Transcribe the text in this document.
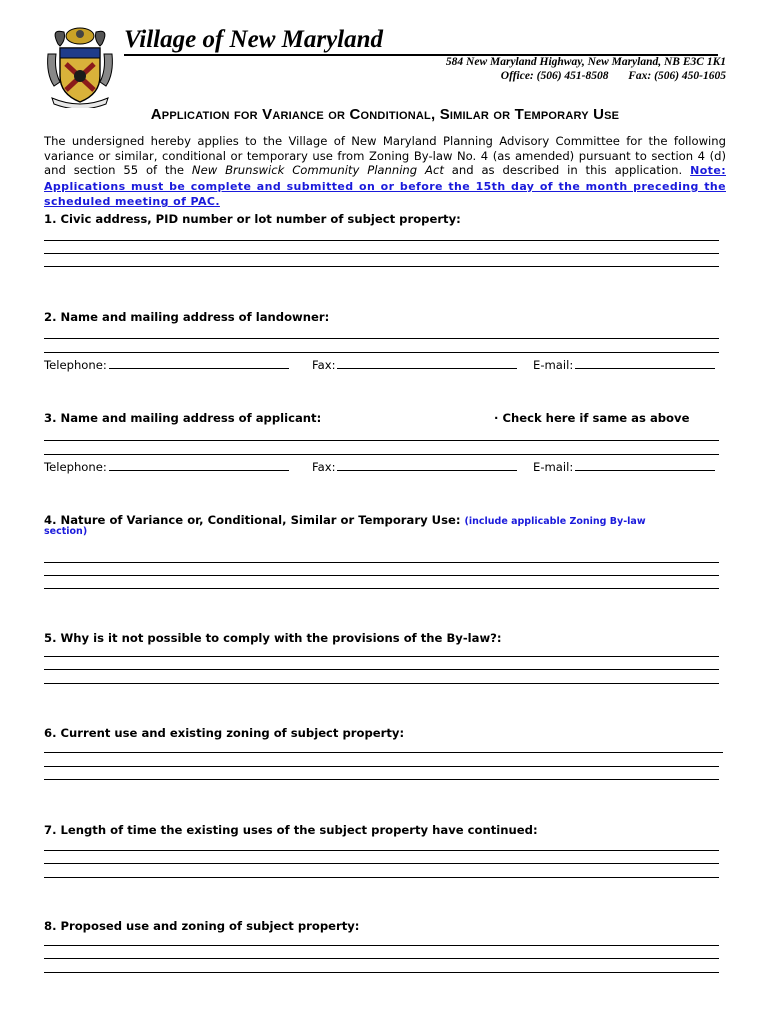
Village of New Maryland
584 New Maryland Highway, New Maryland, NB E3C 1K1
Office: (506) 451-8508 Fax: (506) 450-1605
Application for Variance or Conditional, Similar or Temporary Use
The undersigned hereby applies to the Village of New Maryland Planning Advisory Committee for the following variance or similar, conditional or temporary use from Zoning By-law No. 4 (as amended) pursuant to section 4 (d) and section 55 of the New Brunswick Community Planning Act and as described in this application. Note: Applications must be complete and submitted on or before the 15th day of the month preceding the scheduled meeting of PAC.
1. Civic address, PID number or lot number of subject property:
2. Name and mailing address of landowner:
Telephone:	Fax:	E-mail:
3. Name and mailing address of applicant:	· Check here if same as above
Telephone:	Fax:	E-mail:
4. Nature of Variance or, Conditional, Similar or Temporary Use: (include applicable Zoning By-law
section)
5. Why is it not possible to comply with the provisions of the By-law?:
6. Current use and existing zoning of subject property:
7. Length of time the existing uses of the subject property have continued:
8. Proposed use and zoning of subject property:
